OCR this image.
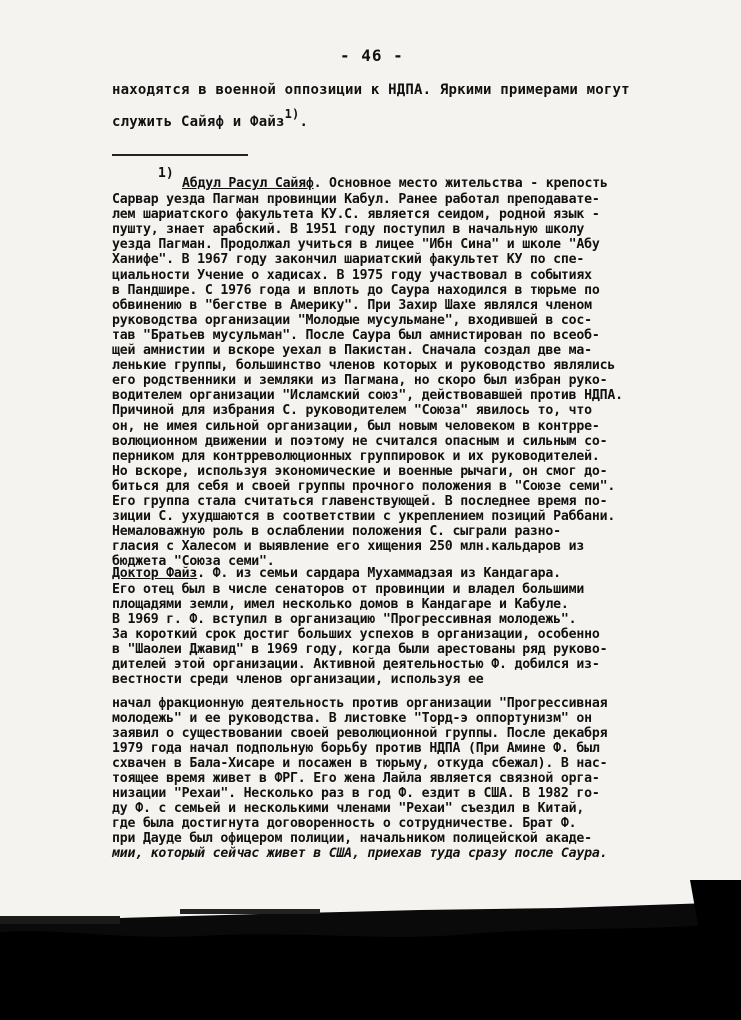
- 46 -
находятся в военной оппозиции к НДПА. Яркими примерами могут
служить Сайяф и Файз1).
1)
Абдул Расул Сайяф. Основное место жительства - крепость
Сарвар уезда Пагман провинции Кабул. Ранее работал преподавате-
лем шариатского факультета КУ.С. является сеидом, родной язык -
пушту, знает арабский. В 1951 году поступил в начальную школу
уезда Пагман. Продолжал учиться в лицее "Ибн Сина" и школе "Абу
Ханифе". В 1967 году закончил шариатский факультет КУ по спе-
циальности Учение о хадисах. В 1975 году участвовал в событиях
в Пандшире. С 1976 года и вплоть до Саура находился в тюрьме по
обвинению в "бегстве в Америку". При Захир Шахе являлся членом
руководства организации "Молодые мусульмане", входившей в сос-
тав "Братьев мусульман". После Саура был амнистирован по всеоб-
щей амнистии и вскоре уехал в Пакистан. Сначала создал две ма-
ленькие группы, большинство членов которых и руководство являлись
его родственники и земляки из Пагмана, но скоро был избран руко-
водителем организации "Исламский союз", действовавшей против НДПА.
Причиной для избрания С. руководителем "Союза" явилось то, что
он, не имея сильной организации, был новым человеком в контрре-
волюционном движении и поэтому не считался опасным и сильным со-
перником для контрреволюционных группировок и их руководителей.
Но вскоре, используя экономические и военные рычаги, он смог до-
биться для себя и своей группы прочного положения в "Союзе семи".
Его группа стала считаться главенствующей. В последнее время по-
зиции С. ухудшаются в соответствии с укреплением позиций Раббани.
Немаловажную роль в ослаблении положения С. сыграли разно-
гласия с Халесом и выявление его хищения 250 млн.кальдаров из
бюджета "Союза семи".
Доктор Файз. Ф. из семьи сардара Мухаммадзая из Кандагара.
Его отец был в числе сенаторов от провинции и владел большими
площадями земли, имел несколько домов в Кандагаре и Кабуле.
В 1969 г. Ф. вступил в организацию "Прогрессивная молодежь".
За короткий срок достиг больших успехов в организации, особенно
в "Шаолеи Джавид" в 1969 году, когда были арестованы ряд руково-
дителей этой организации. Активной деятельностью Ф. добился из-
вестности среди членов организации, используя ее
начал фракционную деятельность против организации "Прогрессивная
молодежь" и ее руководства. В листовке "Торд-э оппортунизм" он
заявил о существовании своей революционной группы. После декабря
1979 года начал подпольную борьбу против НДПА (При Амине Ф. был
схвачен в Бала-Хисаре и посажен в тюрьму, откуда сбежал). В нас-
тоящее время живет в ФРГ. Его жена Лайла является связной орга-
низации "Рехаи". Несколько раз в год Ф. ездит в США. В 1982 го-
ду Ф. с семьей и несколькими членами "Рехаи" съездил в Китай,
где была достигнута договоренность о сотрудничестве. Брат Ф.
при Дауде был офицером полиции, начальником полицейской акаде-
мии, который сейчас живет в США, приехав туда сразу после Саура.
